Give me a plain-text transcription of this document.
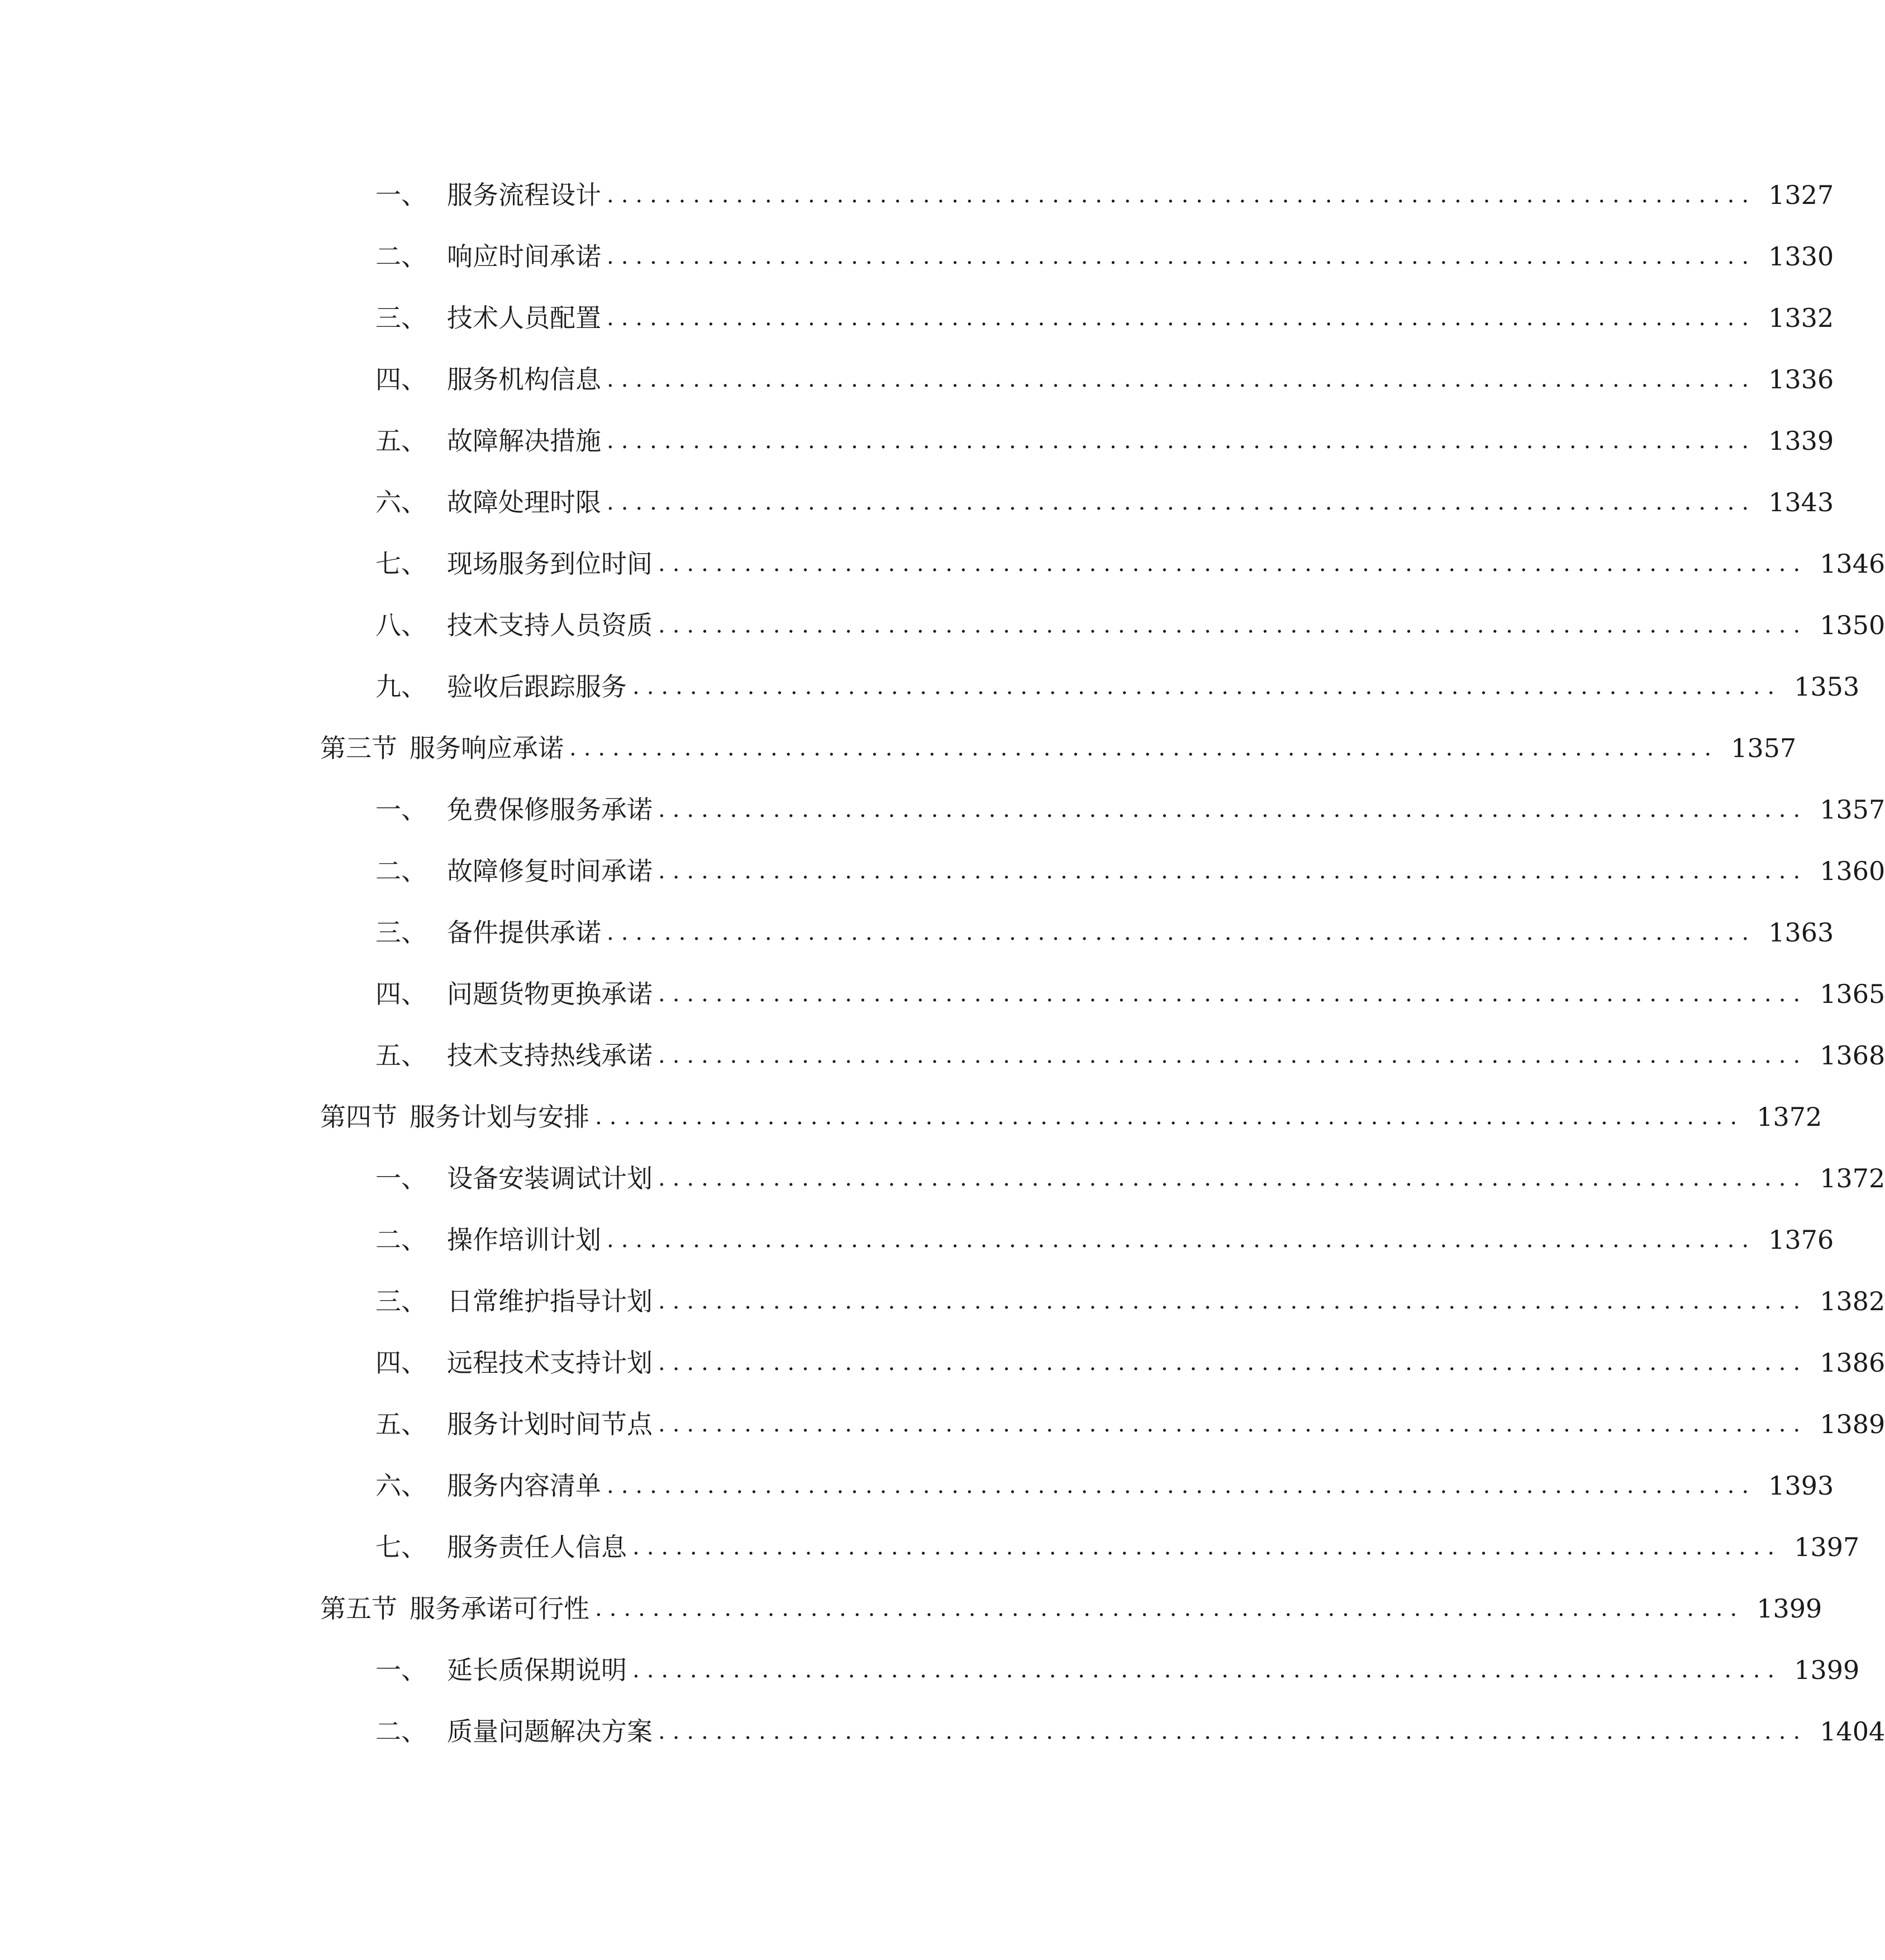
一、 服务流程设计 ................................................................................ 1327
二、 响应时间承诺 ................................................................................ 1330
三、 技术人员配置 ................................................................................ 1332
四、 服务机构信息 ................................................................................ 1336
五、 故障解决措施 ................................................................................ 1339
六、 故障处理时限 ................................................................................ 1343
七、 现场服务到位时间 ................................................................................ 1346
八、 技术支持人员资质 ................................................................................ 1350
九、 验收后跟踪服务 ................................................................................ 1353
第三节 服务响应承诺 ................................................................................ 1357
一、 免费保修服务承诺 ................................................................................ 1357
二、 故障修复时间承诺 ................................................................................ 1360
三、 备件提供承诺 ................................................................................ 1363
四、 问题货物更换承诺 ................................................................................ 1365
五、 技术支持热线承诺 ................................................................................ 1368
第四节 服务计划与安排 ................................................................................ 1372
一、 设备安装调试计划 ................................................................................ 1372
二、 操作培训计划 ................................................................................ 1376
三、 日常维护指导计划 ................................................................................ 1382
四、 远程技术支持计划 ................................................................................ 1386
五、 服务计划时间节点 ................................................................................ 1389
六、 服务内容清单 ................................................................................ 1393
七、 服务责任人信息 ................................................................................ 1397
第五节 服务承诺可行性 ................................................................................ 1399
一、 延长质保期说明 ................................................................................ 1399
二、 质量问题解决方案 ................................................................................ 1404
